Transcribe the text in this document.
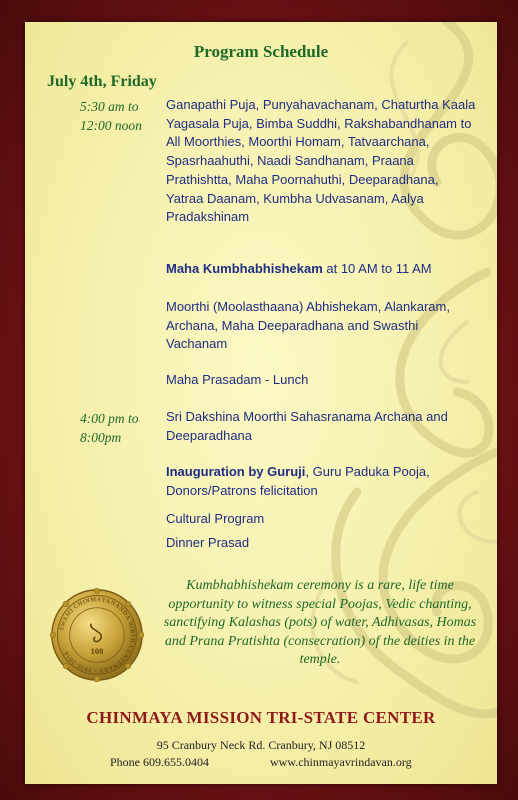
Program Schedule
July 4th, Friday
5:30 am to
12:00 noon
Ganapathi Puja, Punyahavachanam, Chaturtha Kaala Yagasala Puja, Bimba Suddhi, Rakshabandhanam to All Moorthies, Moorthi Homam, Tatvaarchana, Spasrhaahuthi, Naadi Sandhanam, Praana Prathishtta, Maha Poornahuthi, Deeparadhana, Yatraa Daanam, Kumbha Udvasanam, Aalya Pradakshinam
Maha Kumbhabhishekam at 10 AM to 11 AM
Moorthi (Moolasthaana) Abhishekam, Alankaram, Archana, Maha Deeparadhana and Swasthi Vachanam
Maha Prasadam - Lunch
4:00 pm to
8:00pm
Sri Dakshina Moorthi Sahasranama Archana and Deeparadhana
Inauguration by Guruji, Guru Paduka Pooja, Donors/Patrons felicitation
Cultural Program
Dinner Prasad
SWAMI CHINMAYANANDA BIRTH CENTENARY · 1916-2016 ·	100
Kumbhabhishekam ceremony is a rare, life time opportunity to witness special Poojas, Vedic chanting, sanctifying Kalashas (pots) of water, Adhivasas, Homas and Prana Pratishta (consecration) of the deities in the temple.
CHINMAYA MISSION TRI-STATE CENTER
95 Cranbury Neck Rd. Cranbury, NJ 08512
Phone 609.655.0404	www.chinmayavrindavan.org
